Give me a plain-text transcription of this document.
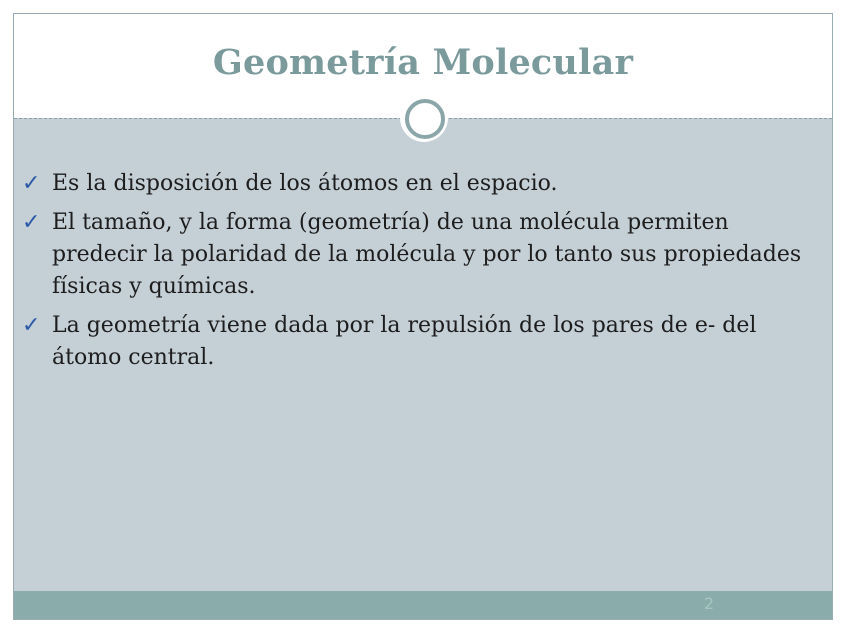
Geometría Molecular
✓ Es la disposición de los átomos en el espacio.
✓ El tamaño, y la forma (geometría) de una molécula permiten predecir la polaridad de la molécula y por lo tanto sus propiedades físicas y químicas.
✓ La geometría viene dada por la repulsión de los pares de e- del átomo central.
2
